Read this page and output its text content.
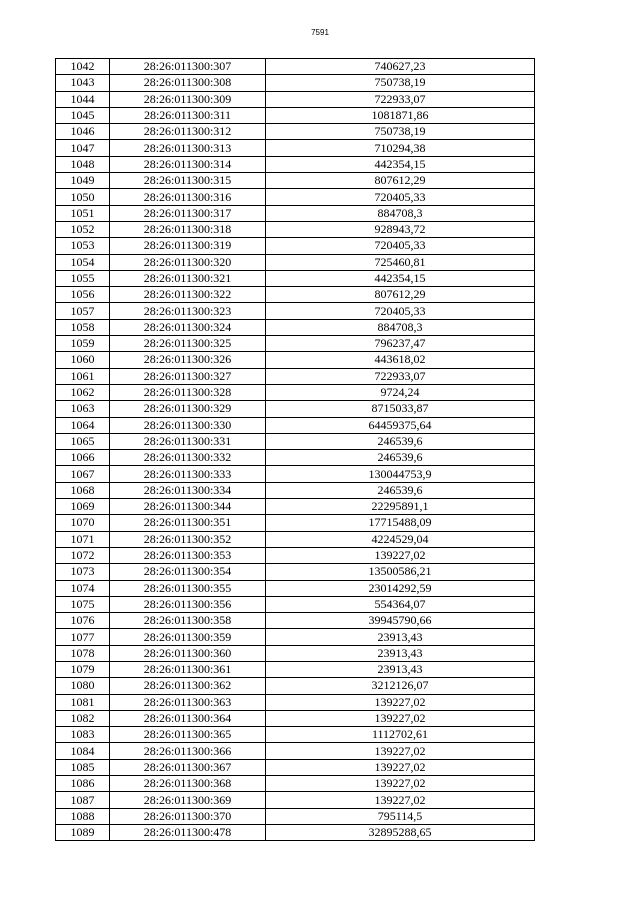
7591
1042	28:26:011300:307	740627,23
1043	28:26:011300:308	750738,19
1044	28:26:011300:309	722933,07
1045	28:26:011300:311	1081871,86
1046	28:26:011300:312	750738,19
1047	28:26:011300:313	710294,38
1048	28:26:011300:314	442354,15
1049	28:26:011300:315	807612,29
1050	28:26:011300:316	720405,33
1051	28:26:011300:317	884708,3
1052	28:26:011300:318	928943,72
1053	28:26:011300:319	720405,33
1054	28:26:011300:320	725460,81
1055	28:26:011300:321	442354,15
1056	28:26:011300:322	807612,29
1057	28:26:011300:323	720405,33
1058	28:26:011300:324	884708,3
1059	28:26:011300:325	796237,47
1060	28:26:011300:326	443618,02
1061	28:26:011300:327	722933,07
1062	28:26:011300:328	9724,24
1063	28:26:011300:329	8715033,87
1064	28:26:011300:330	64459375,64
1065	28:26:011300:331	246539,6
1066	28:26:011300:332	246539,6
1067	28:26:011300:333	130044753,9
1068	28:26:011300:334	246539,6
1069	28:26:011300:344	22295891,1
1070	28:26:011300:351	17715488,09
1071	28:26:011300:352	4224529,04
1072	28:26:011300:353	139227,02
1073	28:26:011300:354	13500586,21
1074	28:26:011300:355	23014292,59
1075	28:26:011300:356	554364,07
1076	28:26:011300:358	39945790,66
1077	28:26:011300:359	23913,43
1078	28:26:011300:360	23913,43
1079	28:26:011300:361	23913,43
1080	28:26:011300:362	3212126,07
1081	28:26:011300:363	139227,02
1082	28:26:011300:364	139227,02
1083	28:26:011300:365	1112702,61
1084	28:26:011300:366	139227,02
1085	28:26:011300:367	139227,02
1086	28:26:011300:368	139227,02
1087	28:26:011300:369	139227,02
1088	28:26:011300:370	795114,5
1089	28:26:011300:478	32895288,65
